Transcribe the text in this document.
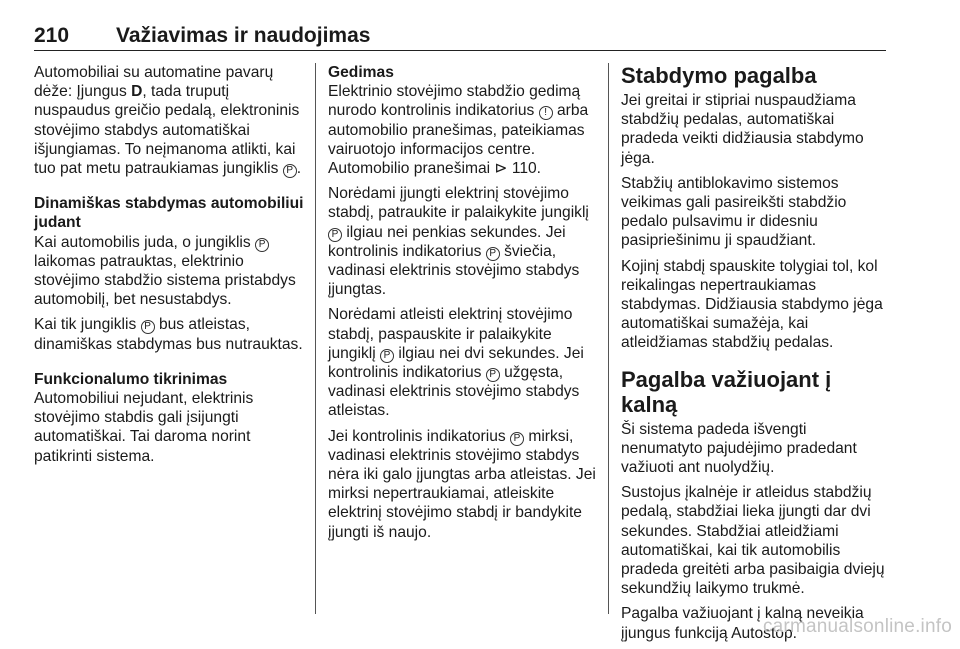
210 Važiavimas ir naudojimas

Automobiliai su automatine pavarų dėže: Įjungus D, tada truputį nuspaudus greičio pedalą, elektroninis stovėjimo stabdys automatiškai išjungiamas. To neįmanoma atlikti, kai tuo pat metu patraukiamas jungiklis P .

Dinamiškas stabdymas automobiliui judant

Kai automobilis juda, o jungiklis P laikomas patrauktas, elektrinio stovėjimo stabdžio sistema pristabdys automobilį, bet nesustabdys.

Kai tik jungiklis P bus atleistas, dinamiškas stabdymas bus nutrauktas.

Funkcionalumo tikrinimas

Automobiliui nejudant, elektrinis stovėjimo stabdis gali įsijungti automatiškai. Tai daroma norint patikrinti sistema.

Gedimas

Elektrinio stovėjimo stabdžio gedimą nurodo kontrolinis indikatorius ! arba automobilio pranešimas, pateikiamas vairuotojo informacijos centre. Automobilio pranešimai ⊳ 110.

Norėdami įjungti elektrinį stovėjimo stabdį, patraukite ir palaikykite jungiklį P ilgiau nei penkias sekundes. Jei kontrolinis indikatorius P šviečia, vadinasi elektrinis stovėjimo stabdys įjungtas.

Norėdami atleisti elektrinį stovėjimo stabdį, paspauskite ir palaikykite jungiklį P ilgiau nei dvi sekundes. Jei kontrolinis indikatorius P užgęsta, vadinasi elektrinis stovėjimo stabdys atleistas.

Jei kontrolinis indikatorius P mirksi, vadinasi elektrinis stovėjimo stabdys nėra iki galo įjungtas arba atleistas. Jei mirksi nepertraukiamai, atleiskite elektrinį stovėjimo stabdį ir bandykite įjungti iš naujo.

Stabdymo pagalba

Jei greitai ir stipriai nuspaudžiama stabdžių pedalas, automatiškai pradeda veikti didžiausia stabdymo jėga.

Stabžių antiblokavimo sistemos veikimas gali pasireikšti stabdžio pedalo pulsavimu ir didesniu pasipriešinimu ji spaudžiant.

Kojinį stabdį spauskite tolygiai tol, kol reikalingas nepertraukiamas stabdymas. Didžiausia stabdymo jėga automatiškai sumažėja, kai atleidžiamas stabdžių pedalas.

Pagalba važiuojant į kalną

Ši sistema padeda išvengti nenumatyto pajudėjimo pradedant važiuoti ant nuolydžių.

Sustojus įkalnėje ir atleidus stabdžių pedalą, stabdžiai lieka įjungti dar dvi sekundes. Stabdžiai atleidžiami automatiškai, kai tik automobilis pradeda greitėti arba pasibaigia dviejų sekundžių laikymo trukmė.

Pagalba važiuojant į kalną neveikia įjungus funkciją Autostop.

carmanualsonline.info
